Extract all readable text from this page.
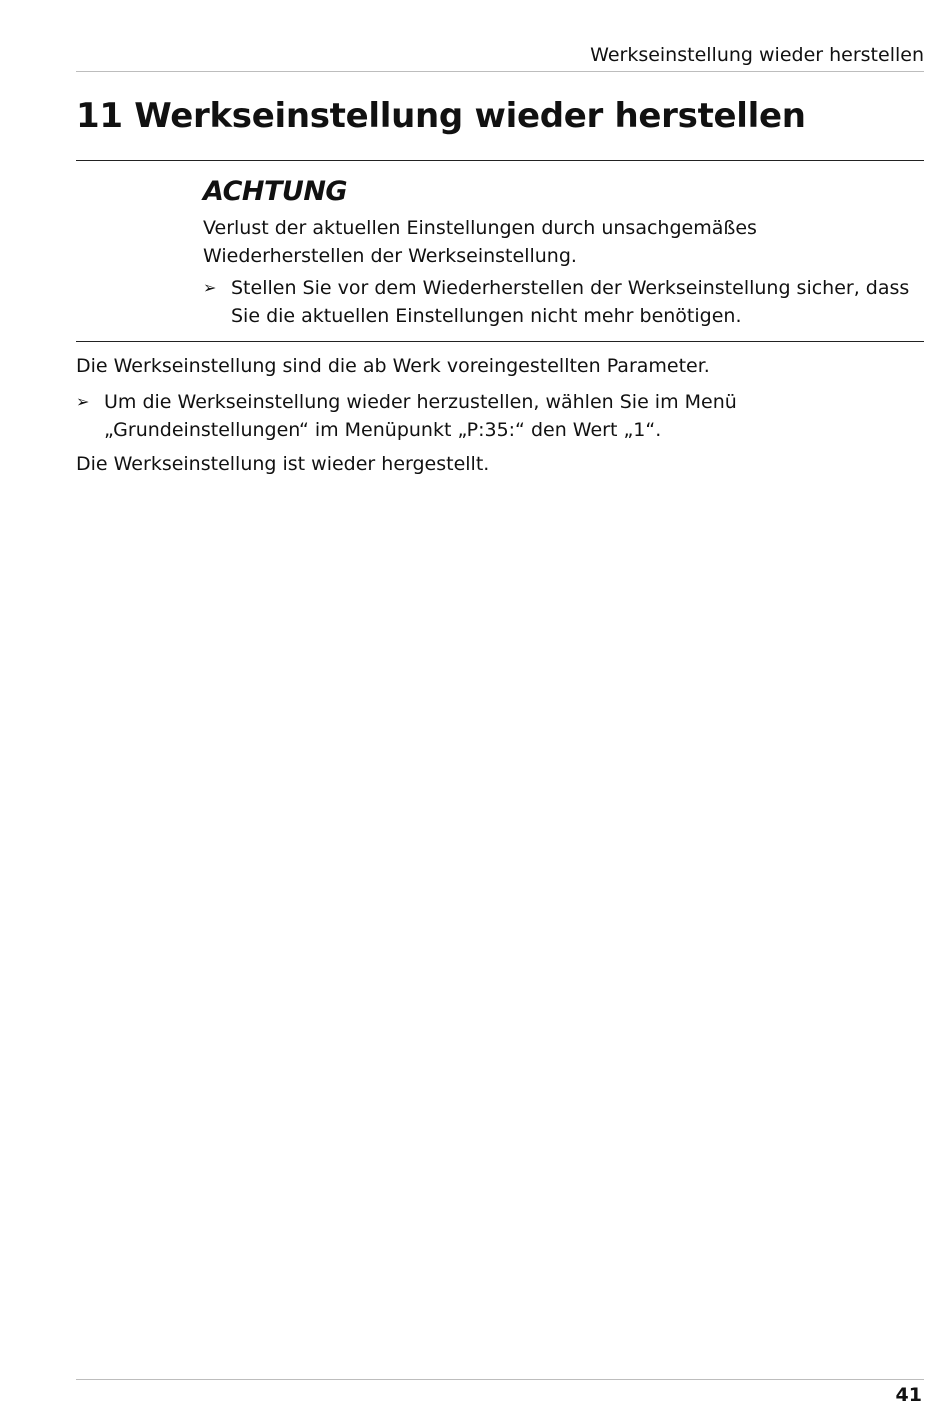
Werkseinstellung wieder herstellen
11 Werkseinstellung wieder herstellen
ACHTUNG
Verlust der aktuellen Einstellungen durch unsachgemäßes
Wiederherstellen der Werkseinstellung.
➢ Stellen Sie vor dem Wiederherstellen der Werkseinstellung sicher, dass
Sie die aktuellen Einstellungen nicht mehr benötigen.
Die Werkseinstellung sind die ab Werk voreingestellten Parameter.
➢ Um die Werkseinstellung wieder herzustellen, wählen Sie im Menü
„Grundeinstellungen“ im Menüpunkt „P:35:“ den Wert „1“.
Die Werkseinstellung ist wieder hergestellt.
41
